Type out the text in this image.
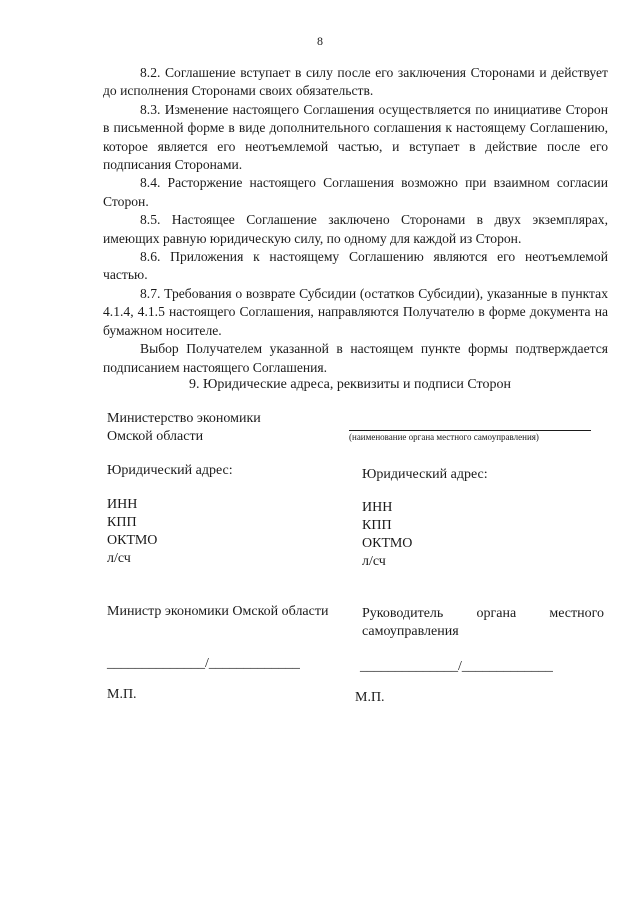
8

8.2. Соглашение вступает в силу после его заключения Сторонами и действует до исполнения Сторонами своих обязательств.

8.3. Изменение настоящего Соглашения осуществляется по инициативе Сторон в письменной форме в виде дополнительного соглашения к настоящему Соглашению, которое является его неотъемлемой частью, и вступает в действие после его подписания Сторонами.

8.4. Расторжение настоящего Соглашения возможно при взаимном согласии Сторон.

8.5. Настоящее Соглашение заключено Сторонами в двух экземплярах, имеющих равную юридическую силу, по одному для каждой из Сторон.

8.6. Приложения к настоящему Соглашению являются его неотъемлемой частью.

8.7. Требования о возврате Субсидии (остатков Субсидии), указанные в пунктах 4.1.4, 4.1.5 настоящего Соглашения, направляются Получателю в форме документа на бумажном носителе.

Выбор Получателем указанной в настоящем пункте формы подтверждается подписанием настоящего Соглашения.

9. Юридические адреса, реквизиты и подписи Сторон
Министерство экономики
Омской области
Юридический адрес:
ИНН
КПП
ОКТМО
л/сч
Министр экономики Омской области
______________/_____________
М.П.
(наименование органа местного самоуправления)
Юридический адрес:
ИНН
КПП
ОКТМО
л/сч
Руководитель органа местного самоуправления
______________/_____________
М.П.
